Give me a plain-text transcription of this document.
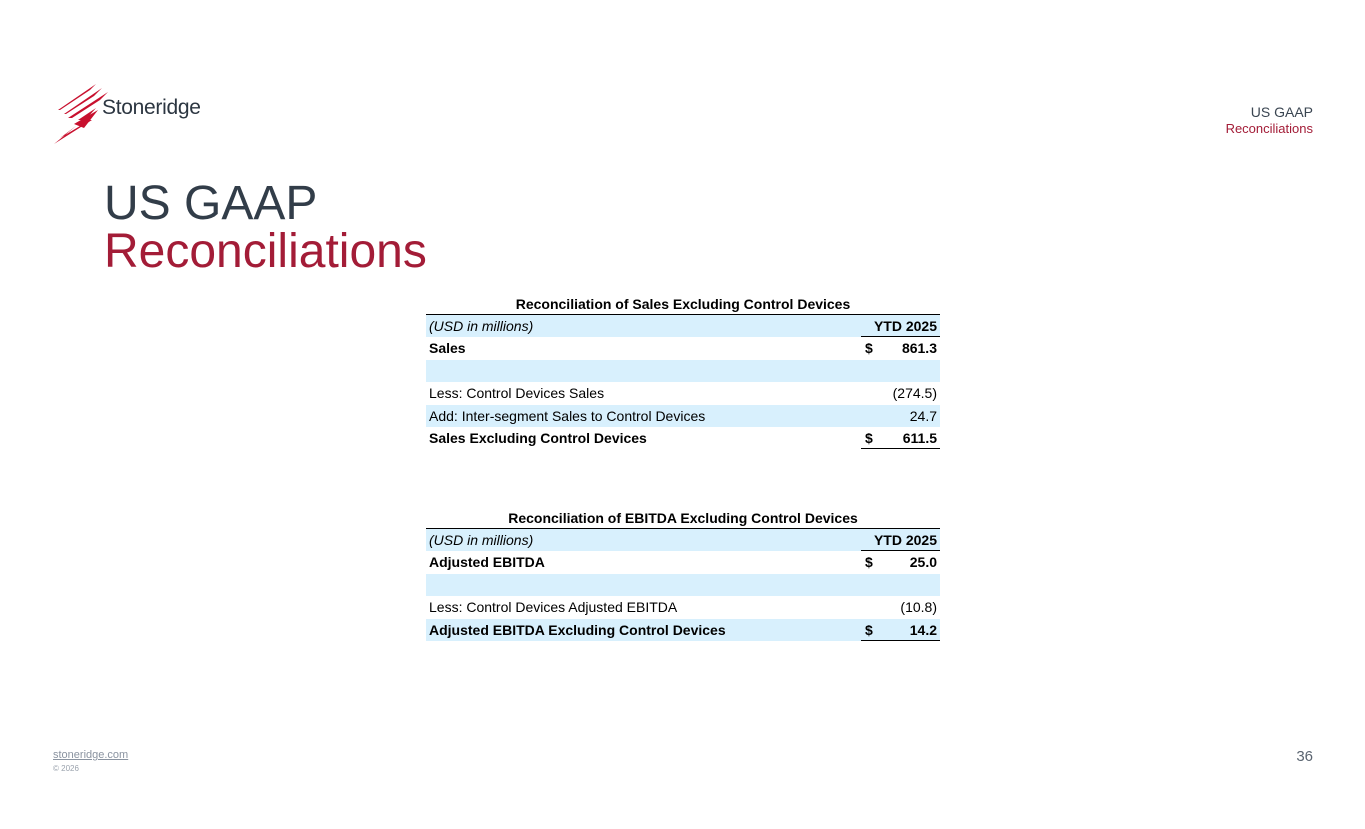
Stoneridge	US GAAP
Reconciliations
US GAAP
Reconciliations
Reconciliation of Sales Excluding Control Devices
(USD in millions)	YTD 2025
Sales	$ 861.3
Less: Control Devices Sales	(274.5)
Add: Inter-segment Sales to Control Devices	24.7
Sales Excluding Control Devices	$ 611.5
Reconciliation of EBITDA Excluding Control Devices
(USD in millions)	YTD 2025
Adjusted EBITDA	$	25.0
Less: Control Devices Adjusted EBITDA	(10.8)
Adjusted EBITDA Excluding Control Devices	$	14.2
stoneridge.com
© 2026
36
